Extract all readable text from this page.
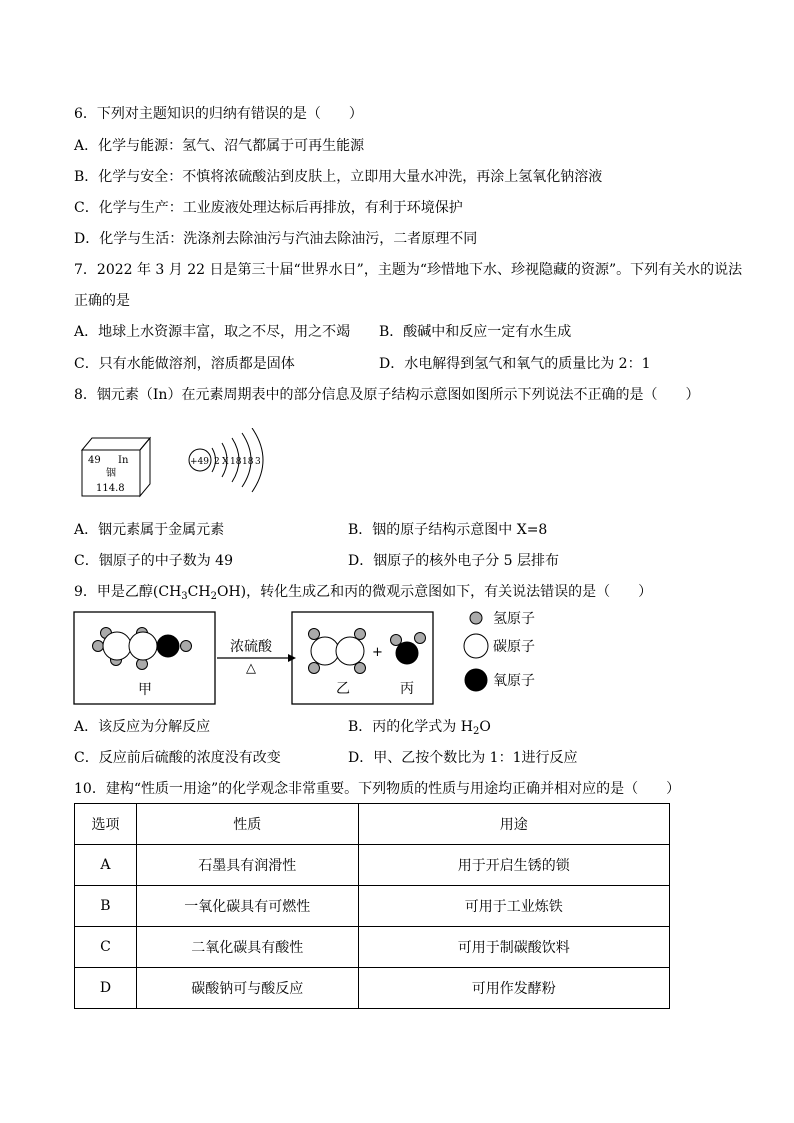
6．下列对主题知识的归纳有错误的是（　　）
A．化学与能源：氢气、沼气都属于可再生能源
B．化学与安全：不慎将浓硫酸沾到皮肤上，立即用大量水冲洗，再涂上氢氧化钠溶液
C．化学与生产：工业废液处理达标后再排放，有利于环境保护
D．化学与生活：洗涤剂去除油污与汽油去除油污，二者原理不同
7．2022 年 3 月 22 日是第三十届“世界水日”，主题为“珍惜地下水、珍视隐藏的资源”。下列有关水的说法
正确的是
A．地球上水资源丰富，取之不尽，用之不竭 B．酸碱中和反应一定有水生成
C．只有水能做溶剂，溶质都是固体	D．水电解得到氢气和氧气的质量比为 2：1
8．铟元素（In）在元素周期表中的部分信息及原子结构示意图如图所示下列说法不正确的是（　　）
49 In
铟
114.8
+49 2 X 18 18 3
A．铟元素属于金属元素	B．铟的原子结构示意图中 X=8
C．铟原子的中子数为 49	D．铟原子的核外电子分 5 层排布
9．甲是乙醇$(CH_3CH_2OH)$，转化生成乙和丙的微观示意图如下，有关说法错误的是（　　）
甲
浓硫酸
△
+
乙	丙
氢原子
碳原子
氧原子
A．该反应为分解反应	B．丙的化学式为 $H_2O$
C．反应前后硫酸的浓度没有改变	D．甲、乙按个数比为 1：1进行反应
10．建构“性质一用途”的化学观念非常重要。下列物质的性质与用途均正确并相对应的是（　　）
选项	性质	用途
A	石墨具有润滑性	用于开启生锈的锁
B	一氧化碳具有可燃性	可用于工业炼铁
C	二氧化碳具有酸性	可用于制碳酸饮料
D	碳酸钠可与酸反应	可用作发酵粉
